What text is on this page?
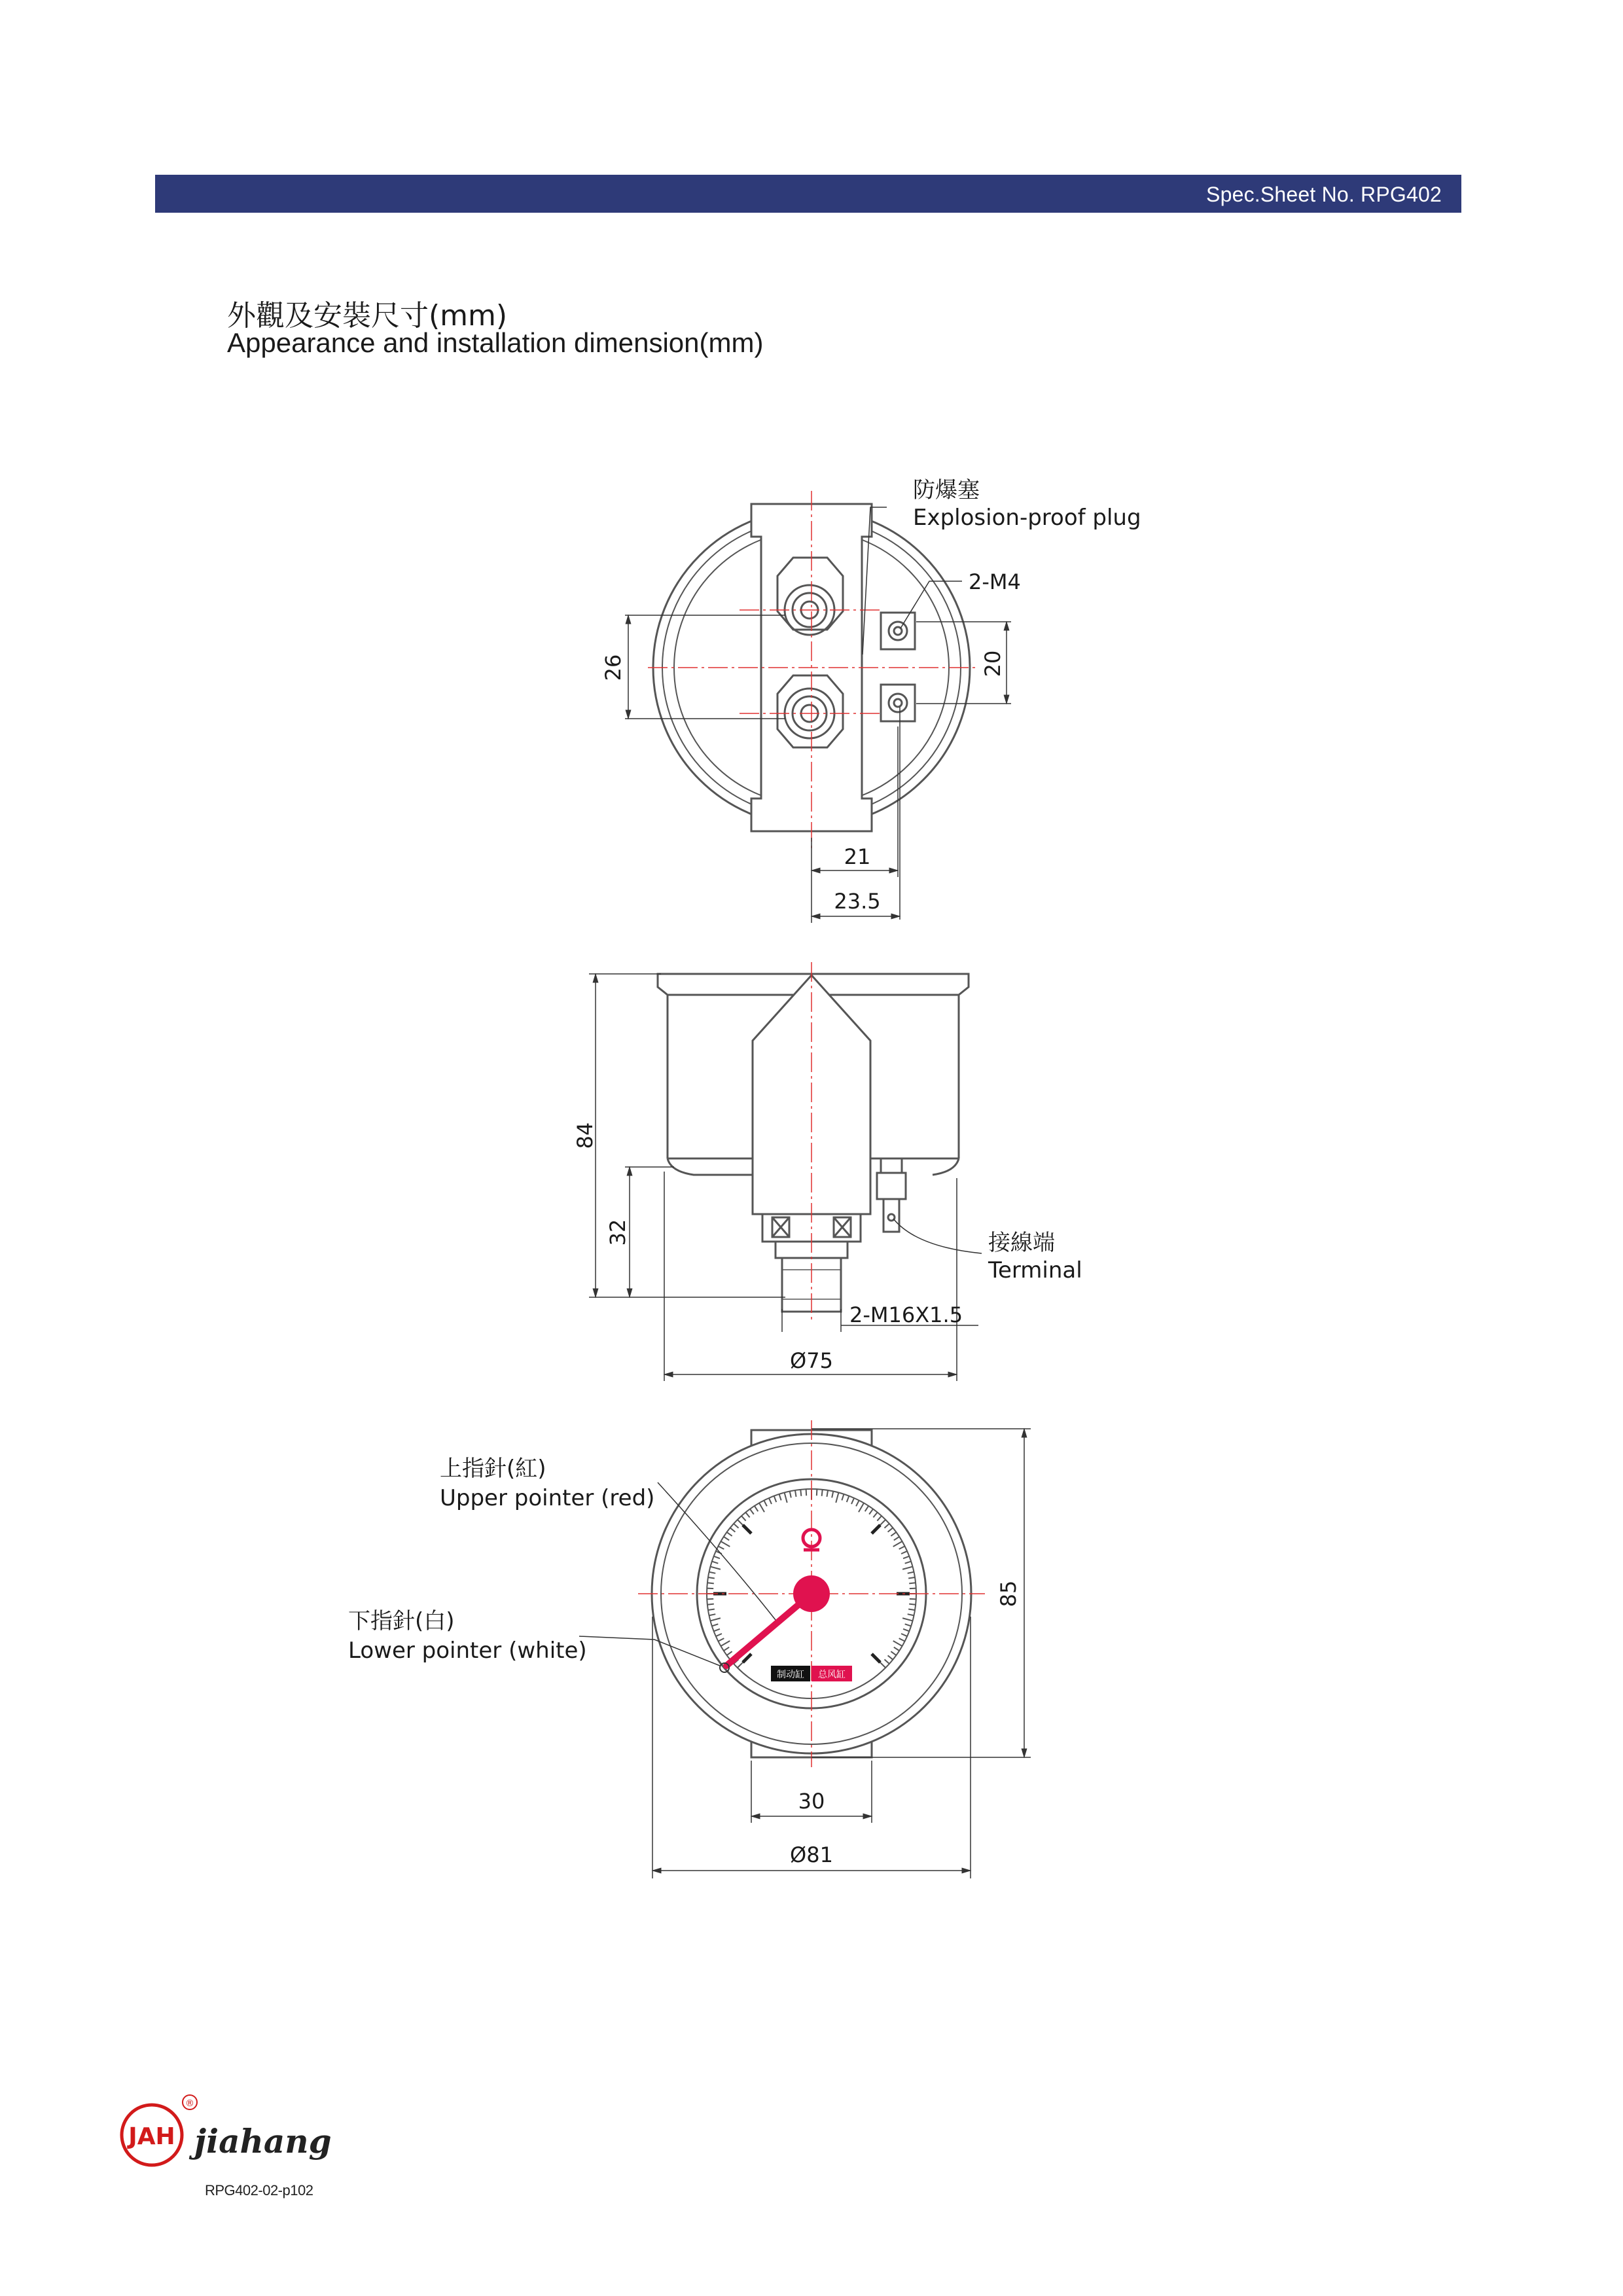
Spec.Sheet No. RPG402
外觀及安裝尺寸(mm)
Appearance and installation dimension(mm)
防爆塞
Explosion-proof plug
2-M4
26	20
21
23.5
84
32	接線端
Terminal
2-M16X1.5
Ø75
制动缸 总风缸
上指針(紅)
Upper pointer (red)
下指針(白)
Lower pointer (white)
85
30
Ø81
JAH
®
jiahang
RPG402-02-p102
